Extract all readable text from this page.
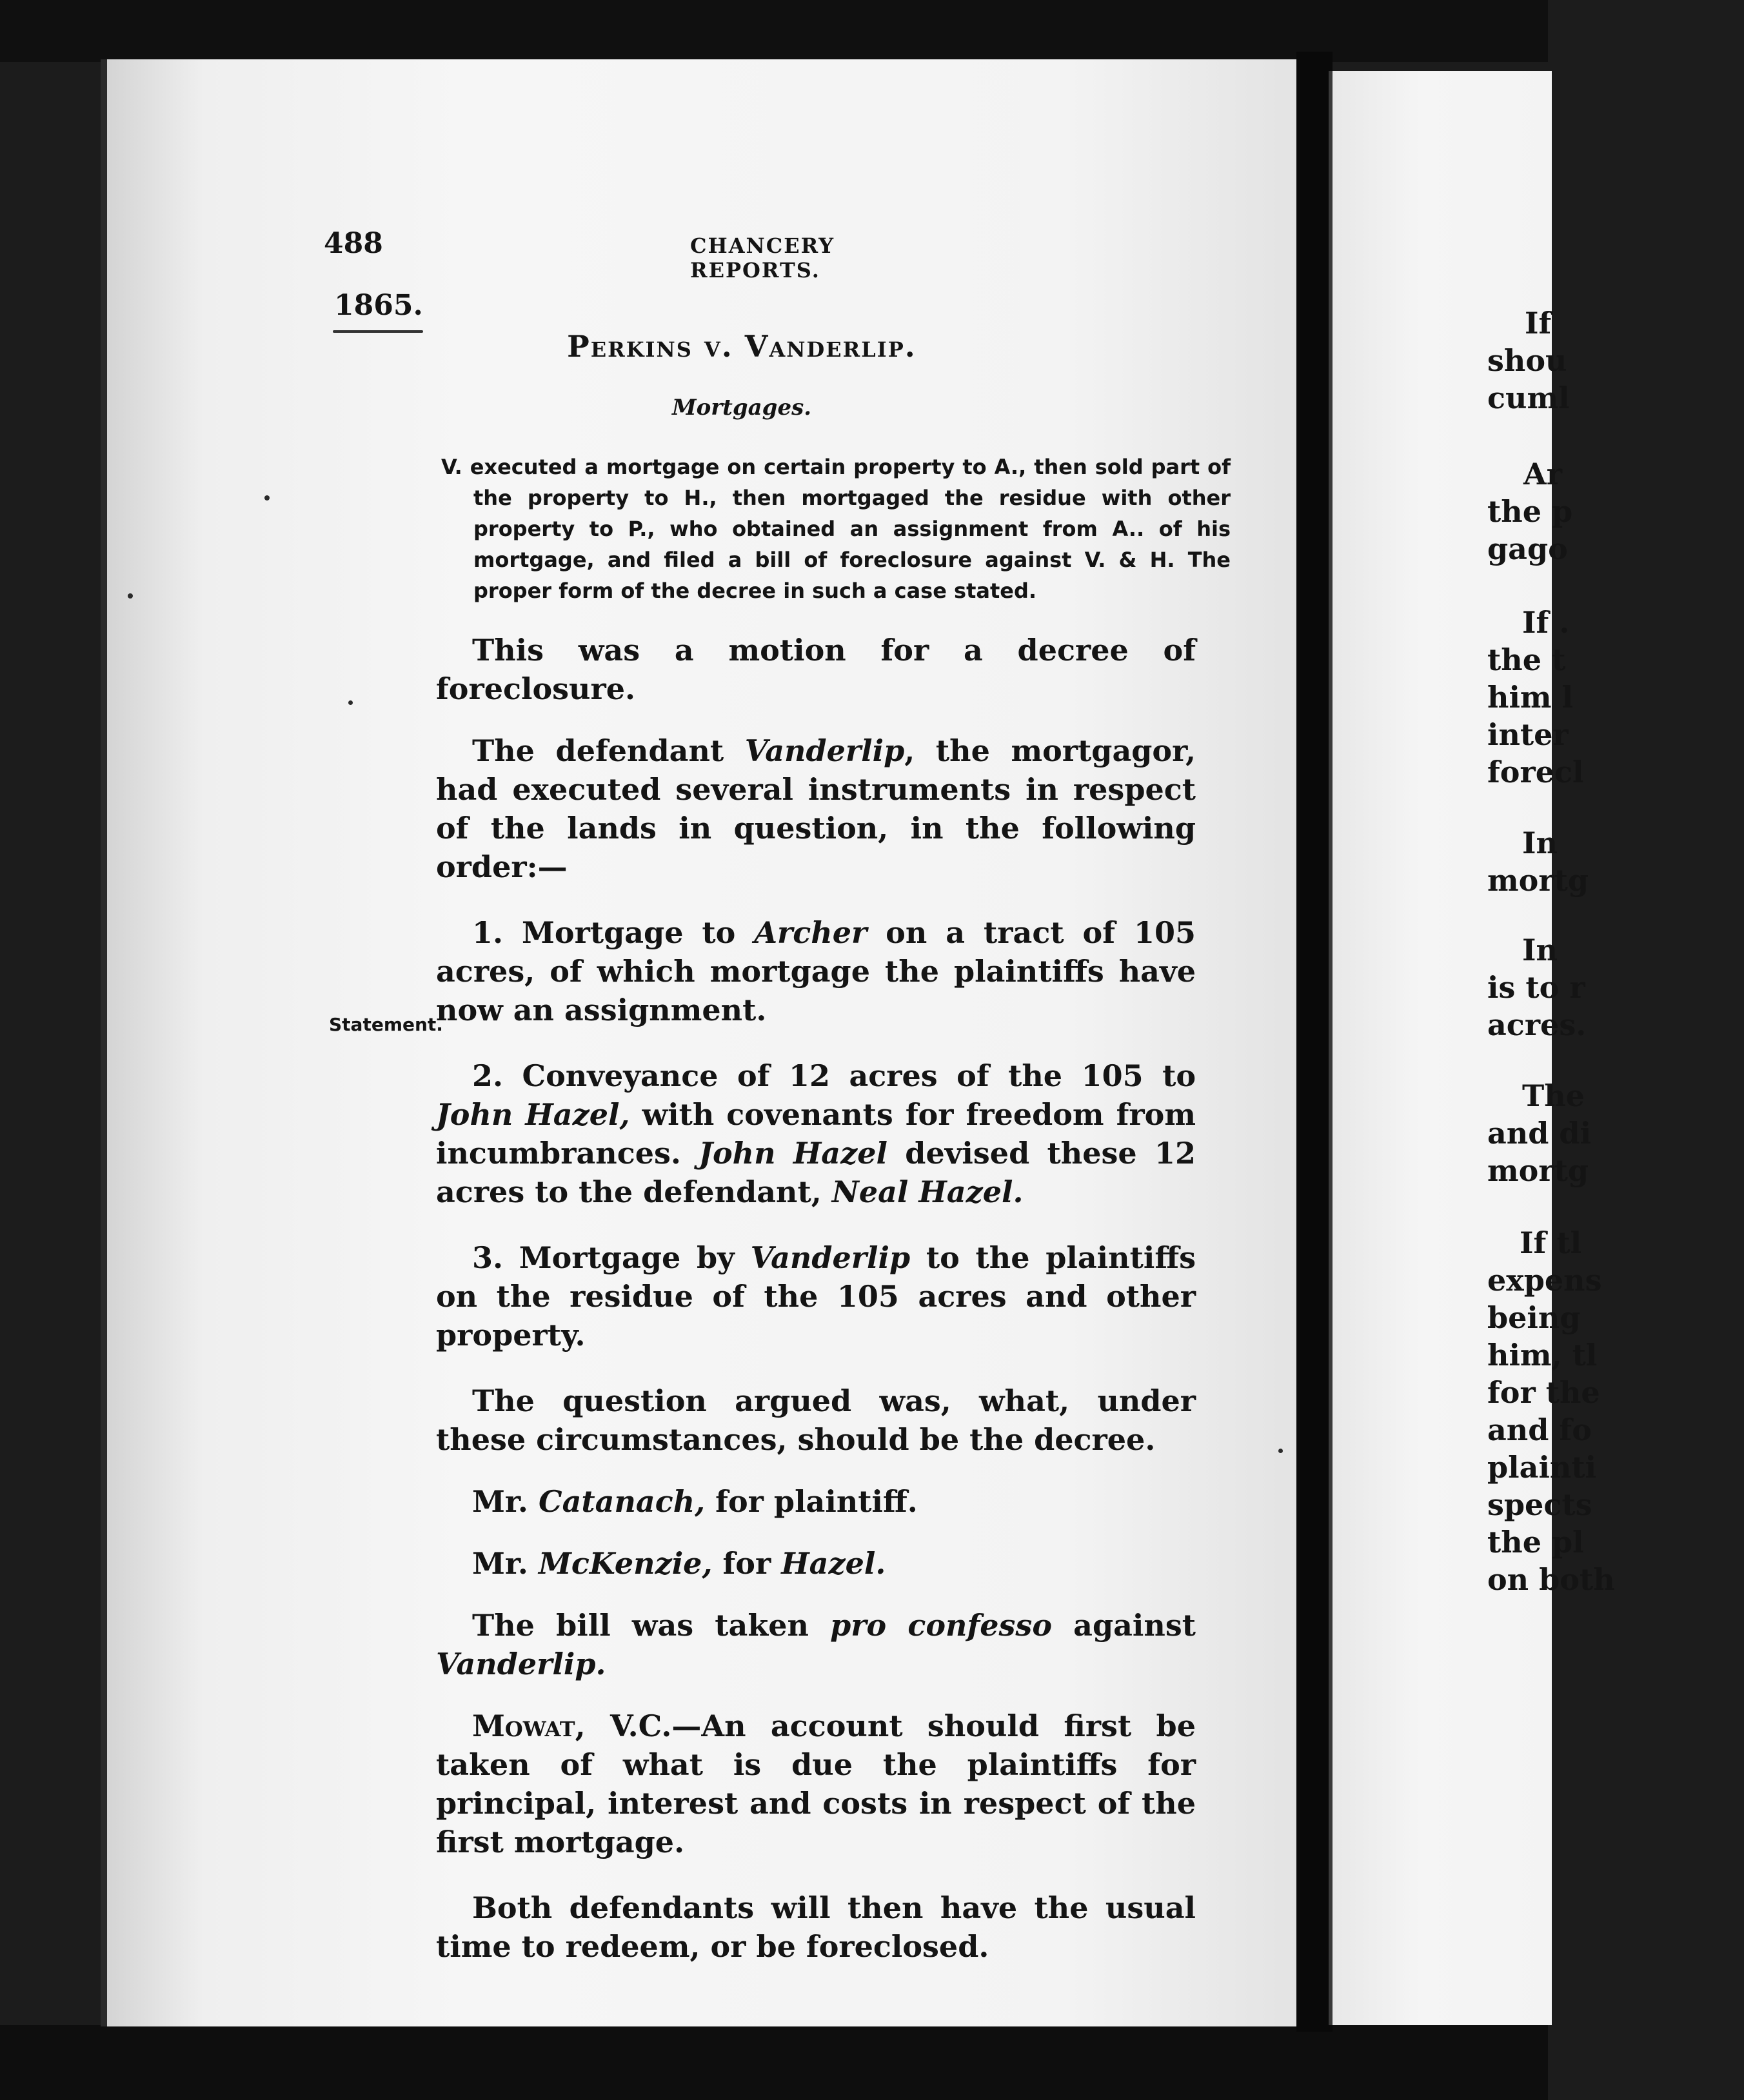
If
shou
cuml
Ar
the p
gago
If .
the t
him l
inter
forecl
In
mortg
In
is to r
acres.
The
and di
mortg
If tl
expens
being
him, tl
for the
and fo
plainti
spects
the pl
on both
488	CHANCERY REPORTS.
1865.
Perkins v. Vanderlip.
Mortgages.
V. executed a mortgage on certain property to A., then sold part of the property to H., then mortgaged the residue with other property to P., who obtained an assignment from A.. of his mortgage, and filed a bill of foreclosure against V. & H. The proper form of the decree in such a case stated.
Statement.

This was a motion for a decree of foreclosure.

The defendant Vanderlip, the mortgagor, had executed several instruments in respect of the lands in question, in the following order:—

1. Mortgage to Archer on a tract of 105 acres, of which mortgage the plaintiffs have now an assignment.

2. Conveyance of 12 acres of the 105 to John Hazel, with covenants for freedom from incumbrances. John Hazel devised these 12 acres to the defendant, Neal Hazel.

3. Mortgage by Vanderlip to the plaintiffs on the residue of the 105 acres and other property.

The question argued was, what, under these circumstances, should be the decree.

Mr. Catanach, for plaintiff.

Mr. McKenzie, for Hazel.

The bill was taken pro confesso against Vanderlip.

Mowat, V.C.—An account should first be taken of what is due the plaintiffs for principal, interest and costs in respect of the first mortgage.

Both defendants will then have the usual time to redeem, or be foreclosed.
